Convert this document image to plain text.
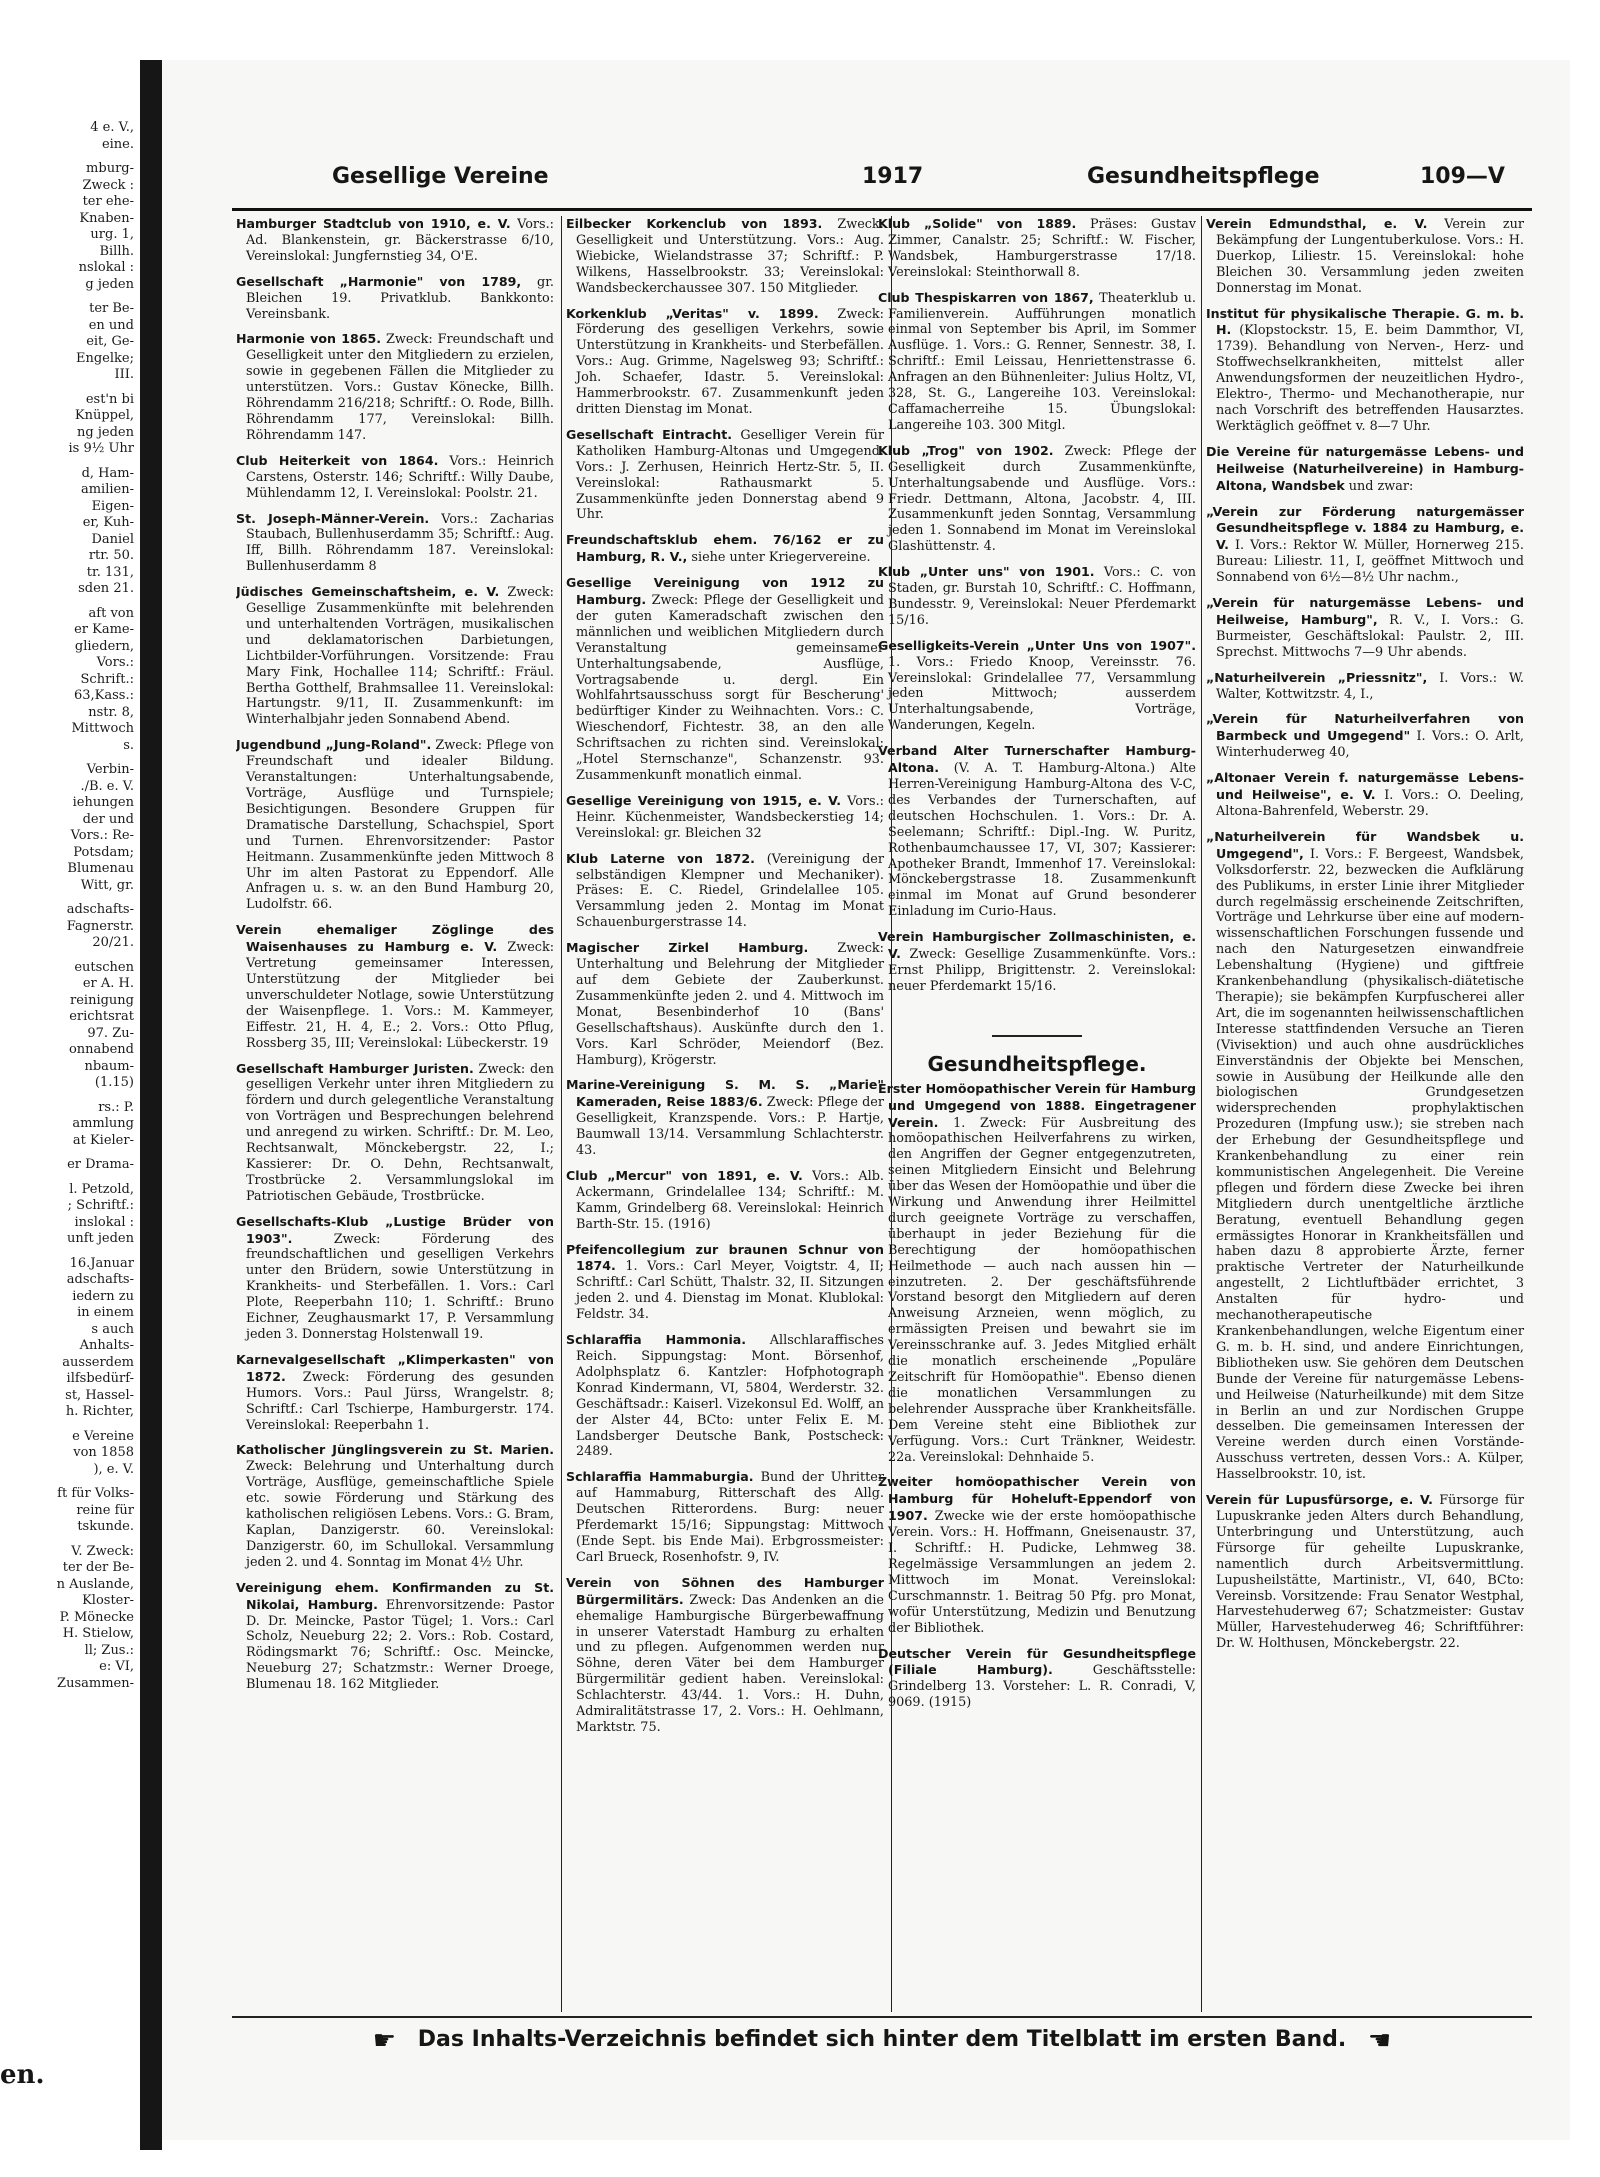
4 e. V.,
eine.
mburg-
Zweck :
ter ehe-
Knaben-
urg. 1,
Billh.
nslokal :
g jeden
ter Be-
en und
eit, Ge-
Engelke;
III.
est'n bi
Knüppel,
ng jeden
is 9½ Uhr
d, Ham-
amilien-
Eigen-
er, Kuh-
Daniel
rtr. 50.
tr. 131,
sden 21.
aft von
er Kame-
gliedern,
Vors.:
Schrift.:
63,Kass.:
nstr. 8,
Mittwoch
s.
Verbin-
./B. e. V.
iehungen
der und
Vors.: Re-
Potsdam;
Blumenau
Witt, gr.
adschafts-
Fagnerstr.
20/21.
eutschen
er A. H.
reinigung
erichtsrat
97. Zu-
onnabend
nbaum-
(1.15)
rs.: P.
ammlung
at Kieler-
er Drama-
l. Petzold,
; Schriftf.:
inslokal :
unft jeden
16.Januar
adschafts-
iedern zu
in einem
s auch
Anhalts-
ausserdem
ilfsbedürf-
st, Hassel-
h. Richter,
e Vereine
von 1858
), e. V.
ft für Volks-
reine für
tskunde.
V. Zweck:
ter der Be-
n Auslande,
Kloster-
P. Mönecke
H. Stielow,
ll; Zus.:
e: VI,
Zusammen-
en.
Gesellige Vereine	1917	Gesundheitspflege	109—V
Hamburger Stadtclub von 1910, e. V. Vors.: Ad. Blankenstein, gr. Bäckerstrasse 6/10, Vereinslokal: Jungfernstieg 34, O'E.
Gesellschaft „Harmonie" von 1789, gr. Bleichen 19. Privatklub. Bankkonto: Vereinsbank.
Harmonie von 1865. Zweck: Freundschaft und Geselligkeit unter den Mitgliedern zu erzielen, sowie in gegebenen Fällen die Mitglieder zu unterstützen. Vors.: Gustav Könecke, Billh. Röhrendamm 216/218; Schriftf.: O. Rode, Billh. Röhrendamm 177, Vereinslokal: Billh. Röhrendamm 147.
Club Heiterkeit von 1864. Vors.: Heinrich Carstens, Osterstr. 146; Schriftf.: Willy Daube, Mühlendamm 12, I. Vereinslokal: Poolstr. 21.
St. Joseph-Männer-Verein. Vors.: Zacharias Staubach, Bullenhuserdamm 35; Schriftf.: Aug. Iff, Billh. Röhrendamm 187. Vereinslokal: Bullenhuserdamm 8
Jüdisches Gemeinschaftsheim, e. V. Zweck: Gesellige Zusammenkünfte mit belehrenden und unterhaltenden Vorträgen, musikalischen und deklamatorischen Darbietungen, Lichtbilder-Vorführungen. Vorsitzende: Frau Mary Fink, Hochallee 114; Schriftf.: Fräul. Bertha Gotthelf, Brahmsallee 11. Vereinslokal: Hartungstr. 9/11, II. Zusammenkunft: im Winterhalbjahr jeden Sonnabend Abend.
Jugendbund „Jung-Roland". Zweck: Pflege von Freundschaft und idealer Bildung. Veranstaltungen: Unterhaltungsabende, Vorträge, Ausflüge und Turnspiele; Besichtigungen. Besondere Gruppen für Dramatische Darstellung, Schachspiel, Sport und Turnen. Ehrenvorsitzender: Pastor Heitmann. Zusammenkünfte jeden Mittwoch 8 Uhr im alten Pastorat zu Eppendorf. Alle Anfragen u. s. w. an den Bund Hamburg 20, Ludolfstr. 66.
Verein ehemaliger Zöglinge des Waisenhauses zu Hamburg e. V. Zweck: Vertretung gemeinsamer Interessen, Unterstützung der Mitglieder bei unverschuldeter Notlage, sowie Unterstützung der Waisenpflege. 1. Vors.: M. Kammeyer, Eiffestr. 21, H. 4, E.; 2. Vors.: Otto Pflug, Rossberg 35, III; Vereinslokal: Lübeckerstr. 19
Gesellschaft Hamburger Juristen. Zweck: den geselligen Verkehr unter ihren Mitgliedern zu fördern und durch gelegentliche Veranstaltung von Vorträgen und Besprechungen belehrend und anregend zu wirken. Schriftf.: Dr. M. Leo, Rechtsanwalt, Mönckebergstr. 22, I.; Kassierer: Dr. O. Dehn, Rechtsanwalt, Trostbrücke 2. Versammlungslokal im Patriotischen Gebäude, Trostbrücke.
Gesellschafts-Klub „Lustige Brüder von 1903".	Zweck: Förderung des freundschaftlichen und geselligen Verkehrs unter den Brüdern, sowie Unterstützung in Krankheits- und Sterbefällen. 1. Vors.: Carl Plote, Reeperbahn 110; 1. Schriftf.: Bruno Eichner, Zeughausmarkt 17, P. Versammlung jeden 3. Donnerstag Holstenwall 19.
Karnevalgesellschaft „Klimperkasten" von 1872. Zweck: Förderung des gesunden Humors. Vors.: Paul Jürss, Wrangelstr. 8; Schriftf.: Carl Tschierpe, Hamburgerstr. 174. Vereinslokal: Reeperbahn 1.
Katholischer Jünglingsverein zu St. Marien. Zweck: Belehrung und Unterhaltung durch Vorträge, Ausflüge, gemeinschaftliche Spiele etc. sowie Förderung und Stärkung des katholischen religiösen Lebens. Vors.: G. Bram, Kaplan, Danzigerstr. 60. Vereinslokal: Danzigerstr. 60, im Schullokal. Versammlung jeden 2. und 4. Sonntag im Monat 4½ Uhr.
Vereinigung ehem. Konfirmanden zu St. Nikolai, Hamburg. Ehrenvorsitzende: Pastor D. Dr. Meincke, Pastor Tügel; 1. Vors.: Carl Scholz, Neueburg 22; 2. Vors.: Rob. Costard, Rödingsmarkt 76; Schriftf.: Osc. Meincke, Neueburg 27; Schatzmstr.: Werner Droege, Blumenau 18. 162 Mitglieder.
Eilbecker Korkenclub von 1893. Zweck: Geselligkeit und Unterstützung. Vors.: Aug. Wiebicke, Wielandstrasse 37; Schriftf.: P. Wilkens, Hasselbrookstr. 33; Vereinslokal: Wandsbeckerchaussee 307. 150 Mitglieder.
Korkenklub „Veritas" v. 1899. Zweck: Förderung des geselligen Verkehrs, sowie Unterstützung in Krankheits- und Sterbefällen. Vors.: Aug. Grimme, Nagelsweg 93; Schriftf.: Joh. Schaefer, Idastr. 5. Vereinslokal: Hammerbrookstr. 67. Zusammenkunft jeden dritten Dienstag im Monat.
Gesellschaft Eintracht. Geselliger Verein für Katholiken Hamburg-Altonas und Umgegend. Vors.: J. Zerhusen, Heinrich Hertz-Str. 5, II. Vereinslokal: Rathausmarkt 5. Zusammenkünfte jeden Donnerstag abend 9 Uhr.
Freundschaftsklub ehem. 76/162 er zu Hamburg, R. V., siehe unter Kriegervereine.
Gesellige Vereinigung von 1912 zu Hamburg. Zweck: Pflege der Geselligkeit und der guten Kameradschaft zwischen den männlichen und weiblichen Mitgliedern durch Veranstaltung gemeinsamer Unterhaltungsabende, Ausflüge, Vortragsabende u. dergl. Ein Wohlfahrtsausschuss sorgt für Bescherung' bedürftiger Kinder zu Weihnachten. Vors.: C. Wieschendorf, Fichtestr. 38, an den alle Schriftsachen zu richten sind. Vereinslokal: „Hotel Sternschanze", Schanzenstr. 93. Zusammenkunft monatlich einmal.
Gesellige Vereinigung von 1915, e. V. Vors.: Heinr. Küchenmeister, Wandsbeckerstieg 14; Vereinslokal: gr. Bleichen 32
Klub Laterne von 1872. (Vereinigung der selbständigen Klempner und Mechaniker). Präses: E. C. Riedel, Grindelallee 105. Versammlung jeden 2. Montag im Monat Schauenburgerstrasse 14.
Magischer Zirkel Hamburg. Zweck: Unterhaltung und Belehrung der Mitglieder auf dem Gebiete der Zauberkunst. Zusammenkünfte jeden 2. und 4. Mittwoch im Monat, Besenbinderhof 10 (Bans' Gesellschaftshaus). Auskünfte durch den 1. Vors. Karl Schröder, Meiendorf (Bez. Hamburg), Krögerstr.
Marine-Vereinigung S. M. S. „Marie" Kameraden, Reise 1883/6. Zweck: Pflege der Geselligkeit, Kranzspende. Vors.: P. Hartje, Baumwall 13/14. Versammlung Schlachterstr. 43.
Club „Mercur" von 1891, e. V. Vors.: Alb. Ackermann, Grindelallee 134; Schriftf.: M. Kamm, Grindelberg 68. Vereinslokal: Heinrich Barth-Str. 15. (1916)
Pfeifencollegium zur braunen Schnur von 1874. 1. Vors.: Carl Meyer, Voigtstr. 4, II; Schriftf.: Carl Schütt, Thalstr. 32, II. Sitzungen jeden 2. und 4. Dienstag im Monat. Klublokal: Feldstr. 34.
Schlaraffia Hammonia. Allschlaraffisches Reich. Sippungstag: Mont. Börsenhof, Adolphsplatz 6. Kantzler: Hofphotograph Konrad Kindermann, VI, 5804, Werderstr. 32. Geschäftsadr.: Kaiserl. Vizekonsul Ed. Wolff, an der Alster 44, BCto: unter Felix E. M. Landsberger Deutsche Bank, Postscheck: 2489.
Schlaraffia Hammaburgia. Bund der Uhritter auf Hammaburg, Ritterschaft des Allg. Deutschen Ritterordens. Burg: neuer Pferdemarkt 15/16; Sippungstag: Mittwoch (Ende Sept. bis Ende Mai). Erbgrossmeister: Carl Brueck, Rosenhofstr. 9, IV.
Verein von Söhnen des Hamburger Bürgermilitärs. Zweck: Das Andenken an die ehemalige Hamburgische Bürgerbewaffnung in unserer Vaterstadt Hamburg zu erhalten und zu pflegen. Aufgenommen werden nur Söhne, deren Väter bei dem Hamburger Bürgermilitär gedient haben. Vereinslokal: Schlachterstr. 43/44. 1. Vors.: H. Duhn, Admiralitätstrasse 17, 2. Vors.: H. Oehlmann, Marktstr. 75.
Klub „Solide" von 1889. Präses: Gustav Zimmer, Canalstr. 25; Schriftf.: W. Fischer, Wandsbek, Hamburgerstrasse 17/18. Vereinslokal: Steinthorwall 8.
Club Thespiskarren von 1867, Theaterklub u. Familienverein. Aufführungen monatlich einmal von September bis April, im Sommer Ausflüge. 1. Vors.: G. Renner, Sennestr. 38, I. Schriftf.: Emil Leissau, Henriettenstrasse 6. Anfragen an den Bühnenleiter: Julius Holtz, VI, 328, St. G., Langereihe 103. Vereinslokal: Caffamacherreihe 15. Übungslokal: Langereihe 103. 300 Mitgl.
Klub „Trog" von 1902. Zweck: Pflege der Geselligkeit durch Zusammenkünfte, Unterhaltungsabende und Ausflüge. Vors.: Friedr. Dettmann, Altona, Jacobstr. 4, III. Zusammenkunft jeden Sonntag, Versammlung jeden 1. Sonnabend im Monat im Vereinslokal Glashüttenstr. 4.
Klub „Unter uns" von 1901. Vors.: C. von Staden, gr. Burstah 10, Schriftf.: C. Hoffmann, Bundesstr. 9, Vereinslokal: Neuer Pferdemarkt 15/16.
Geselligkeits-Verein „Unter Uns von 1907". 1. Vors.: Friedo Knoop, Vereinsstr. 76. Vereinslokal: Grindelallee 77, Versammlung jeden Mittwoch; ausserdem Unterhaltungsabende, Vorträge, Wanderungen, Kegeln.
Verband Alter Turnerschafter Hamburg-Altona. (V. A. T. Hamburg-Altona.) Alte Herren-Vereinigung Hamburg-Altona des V-C, des Verbandes der Turnerschaften, auf deutschen Hochschulen. 1. Vors.: Dr. A. Seelemann; Schriftf.: Dipl.-Ing. W. Puritz, Rothenbaumchaussee 17, VI, 307; Kassierer: Apotheker Brandt, Immenhof 17. Vereinslokal: Mönckebergstrasse 18. Zusammenkunft einmal im Monat auf Grund besonderer Einladung im Curio-Haus.
Verein Hamburgischer Zollmaschinisten, e. V. Zweck: Gesellige Zusammenkünfte. Vors.: Ernst Philipp, Brigittenstr. 2. Vereinslokal: neuer Pferdemarkt 15/16.
Gesundheitspflege.
Erster Homöopathischer Verein für Hamburg und Umgegend von 1888. Eingetragener Verein. 1. Zweck: Für Ausbreitung des homöopathischen Heilverfahrens zu wirken, den Angriffen der Gegner entgegenzutreten, seinen Mitgliedern Einsicht und Belehrung über das Wesen der Homöopathie und über die Wirkung und Anwendung ihrer Heilmittel durch geeignete Vorträge zu verschaffen, überhaupt in jeder Beziehung für die Berechtigung der homöopathischen Heilmethode — auch nach aussen hin — einzutreten. 2. Der geschäftsführende Vorstand besorgt den Mitgliedern auf deren Anweisung Arzneien, wenn möglich, zu ermässigten Preisen und bewahrt sie im Vereinsschranke auf. 3. Jedes Mitglied erhält die monatlich erscheinende „Populäre Zeitschrift für Homöopathie". Ebenso dienen die monatlichen Versammlungen zu belehrender Aussprache über Krankheitsfälle. Dem Vereine steht eine Bibliothek zur Verfügung. Vors.: Curt Tränkner, Weidestr. 22a. Vereinslokal: Dehnhaide 5.
Zweiter homöopathischer Verein von Hamburg für Hoheluft-Eppendorf von 1907. Zwecke wie der erste homöopathische Verein. Vors.: H. Hoffmann, Gneisenaustr. 37, I. Schriftf.: H. Pudicke, Lehmweg 38. Regelmässige Versammlungen an jedem 2. Mittwoch im Monat. Vereinslokal: Curschmannstr. 1. Beitrag 50 Pfg. pro Monat, wofür Unterstützung, Medizin und Benutzung der Bibliothek.
Deutscher Verein für Gesundheitspflege (Filiale Hamburg).	Geschäftsstelle: Grindelberg 13. Vorsteher: L. R. Conradi, V, 9069. (1915)
Verein Edmundsthal, e. V. Verein zur Bekämpfung der Lungentuberkulose. Vors.: H. Duerkop, Liliestr. 15. Vereinslokal: hohe Bleichen 30. Versammlung jeden zweiten Donnerstag im Monat.
Institut für physikalische Therapie. G. m. b. H. (Klopstockstr. 15, E. beim Dammthor, VI, 1739). Behandlung von Nerven-, Herz- und Stoffwechselkrankheiten, mittelst aller Anwendungsformen der neuzeitlichen Hydro-, Elektro-, Thermo- und Mechanotherapie, nur nach Vorschrift des betreffenden Hausarztes. Werktäglich geöffnet v. 8—7 Uhr.
Die Vereine für naturgemässe Lebens- und Heilweise (Naturheilvereine) in Hamburg-Altona, Wandsbek und zwar:
„Verein zur Förderung naturgemässer Gesundheitspflege v. 1884 zu Hamburg, e. V. I. Vors.: Rektor W. Müller, Hornerweg 215. Bureau: Liliestr. 11, I, geöffnet Mittwoch und Sonnabend von 6½—8½ Uhr nachm.,
„Verein für naturgemässe Lebens- und Heilweise, Hamburg", R. V., I. Vors.: G. Burmeister, Geschäftslokal: Paulstr. 2, III. Sprechst. Mittwochs 7—9 Uhr abends.
„Naturheilverein „Priessnitz", I. Vors.: W. Walter, Kottwitzstr. 4, I.,
„Verein für Naturheilverfahren von Barmbeck und Umgegend" I. Vors.: O. Arlt, Winterhuderweg 40,
„Altonaer Verein f. naturgemässe Lebens- und Heilweise", e. V. I. Vors.: O. Deeling, Altona-Bahrenfeld, Weberstr. 29.
„Naturheilverein für Wandsbek u. Umgegend", I. Vors.: F. Bergeest, Wandsbek, Volksdorferstr. 22, bezwecken die Aufklärung des Publikums, in erster Linie ihrer Mitglieder durch regelmässig erscheinende Zeitschriften, Vorträge und Lehrkurse über eine auf modern-wissenschaftlichen Forschungen fussende und nach den Naturgesetzen einwandfreie Lebenshaltung (Hygiene) und giftfreie Krankenbehandlung (physikalisch-diätetische Therapie); sie bekämpfen Kurpfuscherei aller Art, die im sogenannten heilwissenschaftlichen Interesse stattfindenden Versuche an Tieren (Vivisektion) und auch ohne ausdrückliches Einverständnis der Objekte bei Menschen, sowie in Ausübung der Heilkunde alle den biologischen Grundgesetzen widersprechenden prophylaktischen Prozeduren (Impfung usw.); sie streben nach der Erhebung der Gesundheitspflege und Krankenbehandlung zu einer rein kommunistischen Angelegenheit. Die Vereine pflegen und fördern diese Zwecke bei ihren Mitgliedern durch unentgeltliche ärztliche Beratung, eventuell Behandlung gegen ermässigtes Honorar in Krankheitsfällen und haben dazu 8 approbierte Ärzte, ferner praktische Vertreter der Naturheilkunde angestellt, 2 Lichtluftbäder errichtet, 3 Anstalten für hydro- und mechanotherapeutische Krankenbehandlungen, welche Eigentum einer G. m. b. H. sind, und andere Einrichtungen, Bibliotheken usw. Sie gehören dem Deutschen Bunde der Vereine für naturgemässe Lebens- und Heilweise (Naturheilkunde) mit dem Sitze in Berlin an und zur Nordischen Gruppe desselben. Die gemeinsamen Interessen der Vereine werden durch einen Vorstände-Ausschuss vertreten, dessen Vors.: A. Külper, Hasselbrookstr. 10, ist.
Verein für Lupusfürsorge, e. V. Fürsorge für Lupuskranke jeden Alters durch Behandlung, Unterbringung und Unterstützung, auch Fürsorge für geheilte Lupuskranke, namentlich durch Arbeitsvermittlung. Lupusheilstätte, Martinistr., VI, 640, BCto: Vereinsb. Vorsitzende: Frau Senator Westphal, Harvestehuderweg 67; Schatzmeister: Gustav Müller, Harvestehuderweg 46; Schriftführer: Dr. W. Holthusen, Mönckebergstr. 22.
☛ Das Inhalts-Verzeichnis befindet sich hinter dem Titelblatt im ersten Band. ☚
